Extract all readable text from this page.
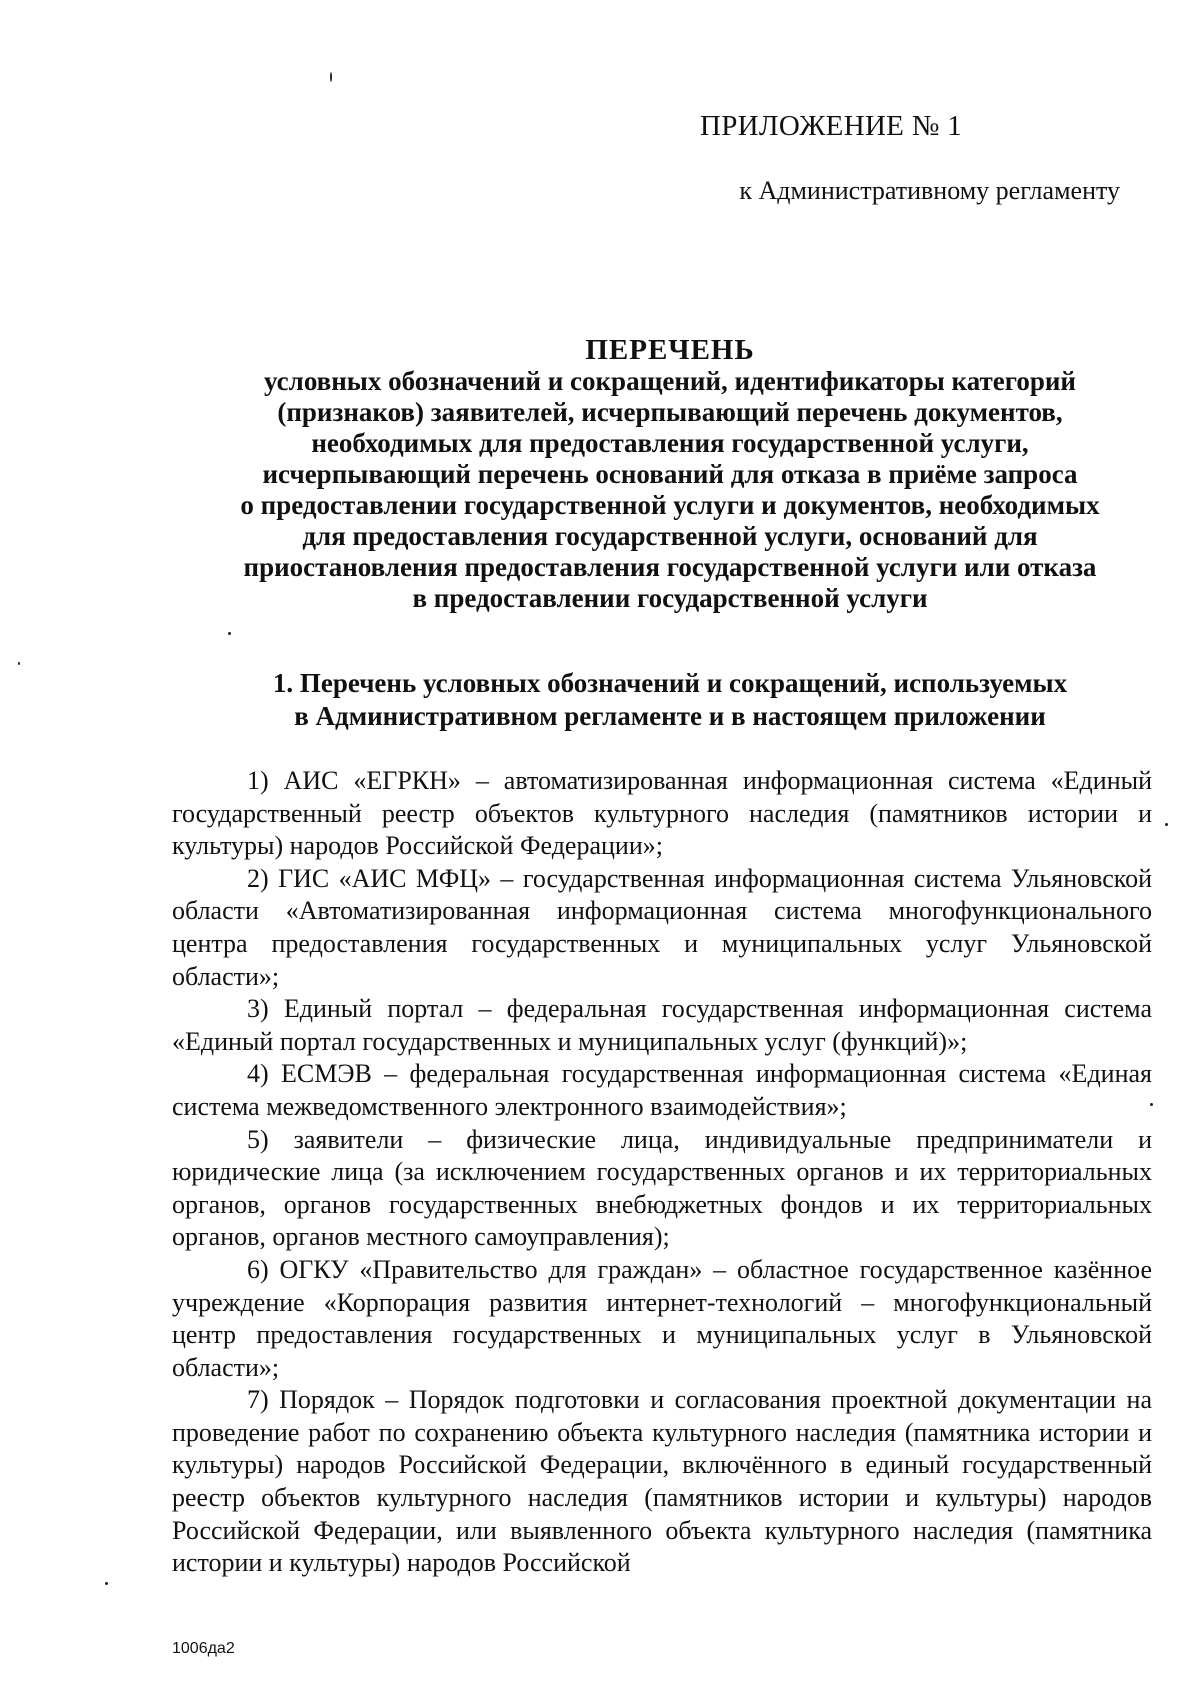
ПРИЛОЖЕНИЕ № 1
к Административному регламенту
ПЕРЕЧЕНЬ
условных обозначений и сокращений, идентификаторы категорий
(признаков) заявителей, исчерпывающий перечень документов,
необходимых для предоставления государственной услуги,
исчерпывающий перечень оснований для отказа в приёме запроса
о предоставлении государственной услуги и документов, необходимых
для предоставления государственной услуги, оснований для
приостановления предоставления государственной услуги или отказа
в предоставлении государственной услуги
1. Перечень условных обозначений и сокращений, используемых
в Административном регламенте и в настоящем приложении

1) АИС «ЕГРКН» – автоматизированная информационная система «Единый государственный реестр объектов культурного наследия (памятников истории и культуры) народов Российской Федерации»;

2) ГИС «АИС МФЦ» – государственная информационная система Ульяновской области «Автоматизированная информационная система многофункционального центра предоставления государственных и муниципальных услуг Ульяновской области»;

3) Единый портал – федеральная государственная информационная система «Единый портал государственных и муниципальных услуг (функций)»;

4) ЕСМЭВ – федеральная государственная информационная система «Единая система межведомственного электронного взаимодействия»;

5) заявители – физические лица, индивидуальные предприниматели и юридические лица (за исключением государственных органов и их территориальных органов, органов государственных внебюджетных фондов и их территориальных органов, органов местного самоуправления);

6) ОГКУ «Правительство для граждан» – областное государственное казённое учреждение «Корпорация развития интернет-технологий – многофункциональный центр предоставления государственных и муниципальных услуг в Ульяновской области»;

7) Порядок – Порядок подготовки и согласования проектной документации на проведение работ по сохранению объекта культурного наследия (памятника истории и культуры) народов Российской Федерации, включённого в единый государственный реестр объектов культурного наследия (памятников истории и культуры) народов Российской Федерации, или выявленного объекта культурного наследия (памятника истории и культуры) народов Российской

1006да2
